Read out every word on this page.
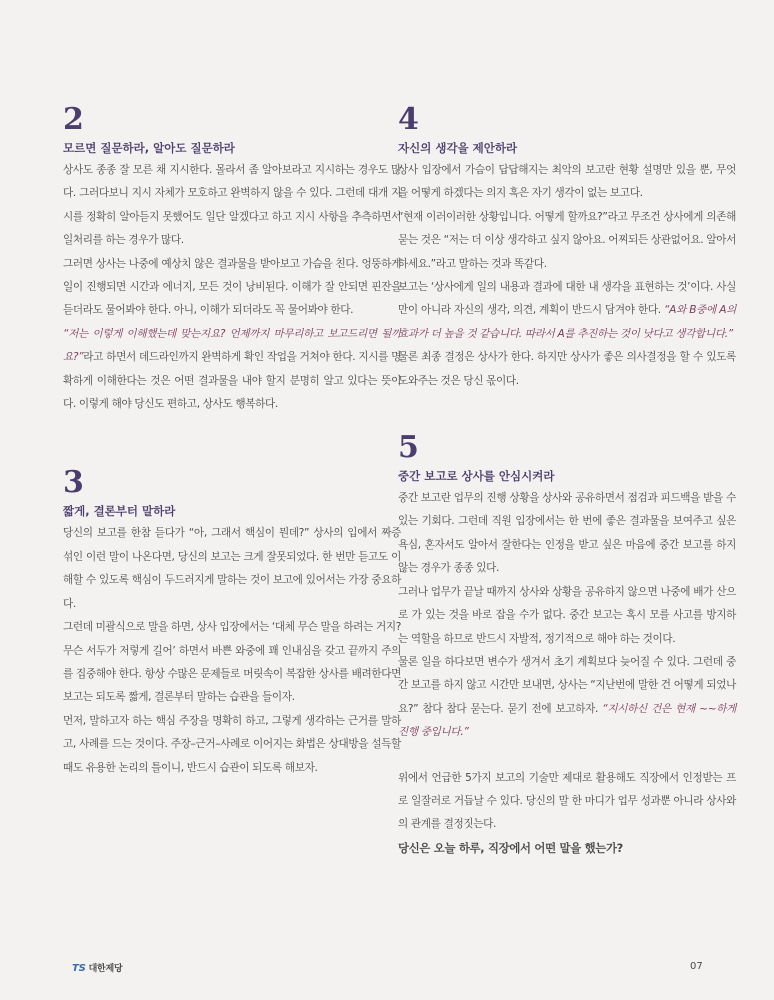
2
모르면 질문하라, 알아도 질문하라
상사도 종종 잘 모른 채 지시한다. 몰라서 좀 알아보라고 지시하는 경우도 많다. 그러다보니 지시 자체가 모호하고 완벽하지 않을 수 있다. 그런데 대개 지시를 정확히 알아듣지 못했어도 일단 알겠다고 하고 지시 사항을 추측하면서 일처리를 하는 경우가 많다.
그러면 상사는 나중에 예상치 않은 결과물을 받아보고 가슴을 친다. 엉뚱하게 일이 진행되면 시간과 에너지, 모든 것이 낭비된다. 이해가 잘 안되면 핀잔을 듣더라도 물어봐야 한다. 아니, 이해가 되더라도 꼭 물어봐야 한다.
“저는 이렇게 이해했는데 맞는지요? 언제까지 마무리하고 보고드리면 될까요?”라고 하면서 데드라인까지 완벽하게 확인 작업을 거쳐야 한다. 지시를 명확하게 이해한다는 것은 어떤 결과물을 내야 할지 분명히 알고 있다는 뜻이다. 이렇게 해야 당신도 편하고, 상사도 행복하다.
3
짧게, 결론부터 말하라
당신의 보고를 한참 듣다가 “아, 그래서 핵심이 뭔데?” 상사의 입에서 짜증 섞인 이런 말이 나온다면, 당신의 보고는 크게 잘못되었다. 한 번만 듣고도 이해할 수 있도록 핵심이 두드러지게 말하는 것이 보고에 있어서는 가장 중요하다.
그런데 미괄식으로 말을 하면, 상사 입장에서는 ‘대체 무슨 말을 하려는 거지? 무슨 서두가 저렇게 길어’ 하면서 바쁜 와중에 꽤 인내심을 갖고 끝까지 주의를 집중해야 한다. 항상 수많은 문제들로 머릿속이 복잡한 상사를 배려한다면 보고는 되도록 짧게, 결론부터 말하는 습관을 들이자.
먼저, 말하고자 하는 핵심 주장을 명확히 하고, 그렇게 생각하는 근거를 말하고, 사례를 드는 것이다. 주장–근거–사례로 이어지는 화법은 상대방을 설득할 때도 유용한 논리의 틀이니, 반드시 습관이 되도록 해보자.
4
자신의 생각을 제안하라
상사 입장에서 가슴이 답답해지는 최악의 보고란 현황 설명만 있을 뿐, 무엇을 어떻게 하겠다는 의지 혹은 자기 생각이 없는 보고다.
“현재 이러이러한 상황입니다. 어떻게 할까요?”라고 무조건 상사에게 의존해 묻는 것은 “저는 더 이상 생각하고 싶지 않아요. 어찌되든 상관없어요. 알아서 하세요.”라고 말하는 것과 똑같다.
보고는 ‘상사에게 일의 내용과 결과에 대한 내 생각을 표현하는 것’이다. 사실만이 아니라 자신의 생각, 의견, 계획이 반드시 담겨야 한다. “A와 B중에 A의 효과가 더 높을 것 같습니다. 따라서 A를 추진하는 것이 낫다고 생각합니다.”
물론 최종 결정은 상사가 한다. 하지만 상사가 좋은 의사결정을 할 수 있도록 도와주는 것은 당신 몫이다.
5
중간 보고로 상사를 안심시켜라
중간 보고란 업무의 진행 상황을 상사와 공유하면서 점검과 피드백을 받을 수 있는 기회다. 그런데 직원 입장에서는 한 번에 좋은 결과물을 보여주고 싶은 욕심, 혼자서도 알아서 잘한다는 인정을 받고 싶은 마음에 중간 보고를 하지 않는 경우가 종종 있다.
그러나 업무가 끝날 때까지 상사와 상황을 공유하지 않으면 나중에 배가 산으로 가 있는 것을 바로 잡을 수가 없다. 중간 보고는 혹시 모를 사고를 방지하는 역할을 하므로 반드시 자발적, 정기적으로 해야 하는 것이다.
물론 일을 하다보면 변수가 생겨서 초기 계획보다 늦어질 수 있다. 그런데 중간 보고를 하지 않고 시간만 보내면, 상사는 “지난번에 말한 건 어떻게 되었나요?” 참다 참다 묻는다. 묻기 전에 보고하자. “지시하신 건은 현재 ~~하게 진행 중입니다.”
위에서 언급한 5가지 보고의 기술만 제대로 활용해도 직장에서 인정받는 프로 일잘러로 거듭날 수 있다. 당신의 말 한 마디가 업무 성과뿐 아니라 상사와의 관계를 결정짓는다.
당신은 오늘 하루, 직장에서 어떤 말을 했는가?
TS 대한제당	07
